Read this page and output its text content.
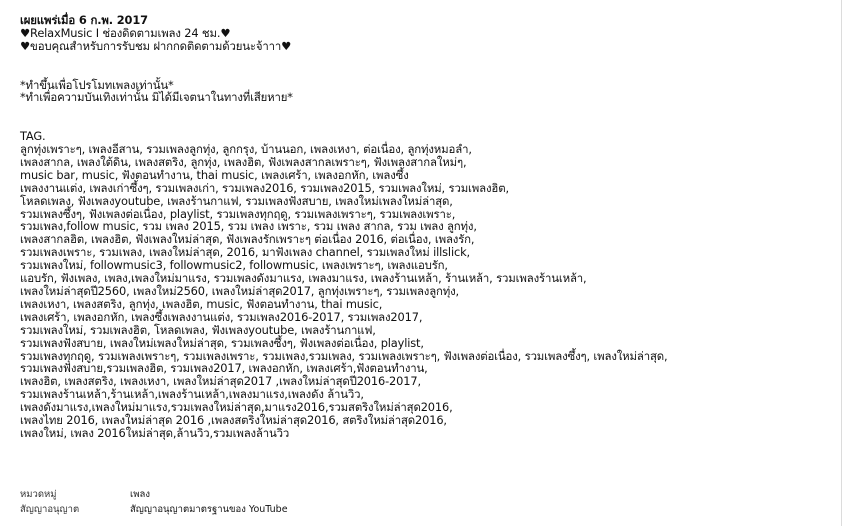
เผยแพร่เมื่อ 6 ก.พ. 2017
♥RelaxMusic I ช่องดิดตามเพลง 24 ชม.♥
♥ขอบคุณสำหรับการรับชม ฝากกดติดตามด้วยนะจ้าาา♥
*ทำขึ้นเพื่อโปรโมทเพลงเท่านั้น*
*ทำเพื่อความบันเทิงเท่านั้น มิได้มีเจตนาในทางที่เสียหาย*
TAG.
ลูกทุ่งเพราะๆ, เพลงอีสาน, รวมเพลงลูกทุ่ง, ลูกกรุง, บ้านนอก, เพลงเหงา, ต่อเนื่อง, ลูกทุ่งหมอลำ,
เพลงสากล, เพลงใต้ดิน, เพลงสตริง, ลูกทุ่ง, เพลงฮิต, ฟังเพลงสากลเพราะๆ, ฟังเพลงสากลใหม่ๆ,
music bar, music, ฟังตอนทำงาน, thai music, เพลงเศร้า, เพลงอกหัก, เพลงซึ้ง
เพลงงานแต่ง, เพลงเก่าซึ้งๆ, รวมเพลงเก่า, รวมเพลง2016, รวมเพลง2015, รวมเพลงใหม่, รวมเพลงฮิต,
โหลดเพลง, ฟังเพลงyoutube, เพลงร้านกาแฟ, รวมเพลงฟังสบาย, เพลงใหม่เพลงใหม่ล่าสุด,
รวมเพลงซึ้งๆ, ฟังเพลงต่อเนื่อง, playlist, รวมเพลงทุกฤดู, รวมเพลงเพราะๆ, รวมเพลงเพราะ,
รวมเพลง,follow music, รวม เพลง 2015, รวม เพลง เพราะ, รวม เพลง สากล, รวม เพลง ลูกทุ่ง,
เพลงสากลฮิต, เพลงฮิต, ฟังเพลงใหม่ล่าสุด, ฟังเพลงรักเพราะๆ ต่อเนื่อง 2016, ต่อเนื่อง, เพลงรัก,
รวมเพลงเพราะ, รวมเพลง, เพลงใหม่ล่าสุด, 2016, มาฟังเพลง channel, รวมเพลงใหม่ illslick,
รวมเพลงใหม่, followmusic3, followmusic2, followmusic, เพลงเพราะๆ, เพลงแอบรัก,
แอบรัก, ฟังเพลง, เพลง,เพลงใหม่มาแรง, รวมเพลงดังมาแรง, เพลงมาแรง, เพลงร้านเหล้า, ร้านเหล้า, รวมเพลงร้านเหล้า,
เพลงใหม่ล่าสุดปี2560, เพลงใหม่2560, เพลงใหม่ล่าสุด2017, ลูกทุ่งเพราะๆ, รวมเพลงลูกทุ่ง,
เพลงเหงา, เพลงสตริง, ลูกทุ่ง, เพลงฮิต, music, ฟังตอนทำงาน, thai music,
เพลงเศร้า, เพลงอกหัก, เพลงซึ้งเพลงงานแต่ง, รวมเพลง2016-2017, รวมเพลง2017,
รวมเพลงใหม่, รวมเพลงฮิต, โหลดเพลง, ฟังเพลงyoutube, เพลงร้านกาแฟ,
รวมเพลงฟังสบาย, เพลงใหม่เพลงใหม่ล่าสุด, รวมเพลงซึ้งๆ, ฟังเพลงต่อเนื่อง, playlist,
รวมเพลงทุกฤดู, รวมเพลงเพราะๆ, รวมเพลงเพราะ, รวมเพลง,รวมเพลง, รวมเพลงเพราะๆ, ฟังเพลงต่อเนื่อง, รวมเพลงซึ้งๆ, เพลงใหม่ล่าสุด,
รวมเพลงฟังสบาย,รวมเพลงฮิต, รวมเพลง2017, เพลงอกหัก, เพลงเศร้า,ฟังตอนทำงาน,
เพลงฮิต, เพลงสตริง, เพลงเหงา, เพลงใหม่ล่าสุด2017 ,เพลงใหม่ล่าสุดปี2016-2017,
รวมเพลงร้านเหล้า,ร้านเหล้า,เพลงร้านเหล้า,เพลงมาแรง,เพลงดัง ล้านวิว,
เพลงดังมาแรง,เพลงใหม่มาแรง,รวมเพลงใหม่ล่าสุด,มาแรง2016,รวมสตริงใหม่ล่าสุด2016,
เพลงไทย 2016, เพลงใหม่ล่าสุด 2016 ,เพลงสตริงใหม่ล่าสุด2016, สตริงใหม่ล่าสุด2016,
เพลงใหม่, เพลง 2016ใหม่ล่าสุด,ล้านวิว,รวมเพลงล้านวิว
หมวดหมู่	เพลง
สัญญาอนุญาต	สัญญาอนุญาตมาตรฐานของ YouTube
